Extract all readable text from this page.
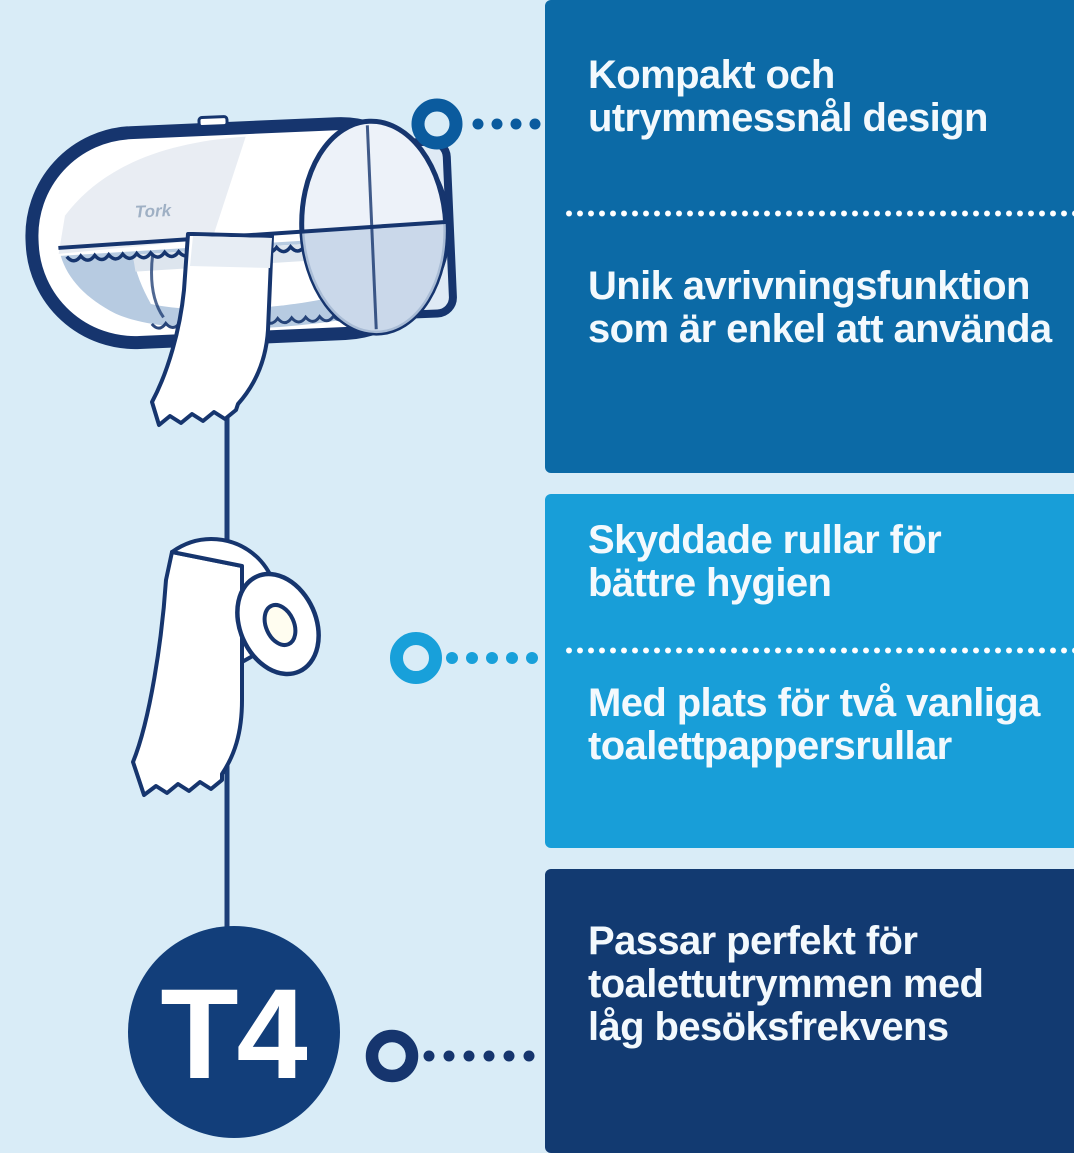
Tork
T4
Kompakt och
utrymmessnål design
Unik avrivningsfunktion
som är enkel att använda
Skyddade rullar för
bättre hygien
Med plats för två vanliga
toalettpappersrullar
Passar perfekt för
toalettutrymmen med
låg besöksfrekvens
